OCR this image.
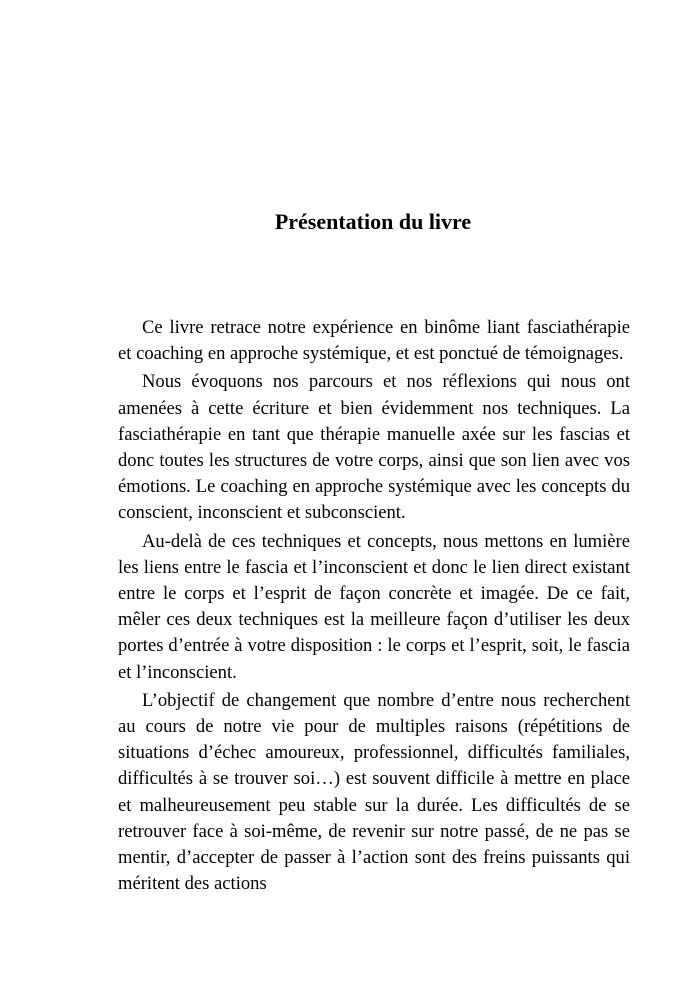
Présentation du livre

Ce livre retrace notre expérience en binôme liant fasciathérapie et coaching en approche systémique, et est ponctué de témoignages.

Nous évoquons nos parcours et nos réflexions qui nous ont amenées à cette écriture et bien évidemment nos techniques. La fasciathérapie en tant que thérapie manuelle axée sur les fascias et donc toutes les structures de votre corps, ainsi que son lien avec vos émotions. Le coaching en approche systémique avec les concepts du conscient, inconscient et subconscient.

Au-delà de ces techniques et concepts, nous mettons en lumière les liens entre le fascia et l’inconscient et donc le lien direct existant entre le corps et l’esprit de façon concrète et imagée. De ce fait, mêler ces deux techniques est la meilleure façon d’utiliser les deux portes d’entrée à votre disposition : le corps et l’esprit, soit, le fascia et l’inconscient.

L’objectif de changement que nombre d’entre nous recherchent au cours de notre vie pour de multiples raisons (répétitions de situations d’échec amoureux, professionnel, difficultés familiales, difficultés à se trouver soi…) est souvent difficile à mettre en place et malheureusement peu stable sur la durée. Les difficultés de se retrouver face à soi-même, de revenir sur notre passé, de ne pas se mentir, d’accepter de passer à l’action sont des freins puissants qui méritent des actions
